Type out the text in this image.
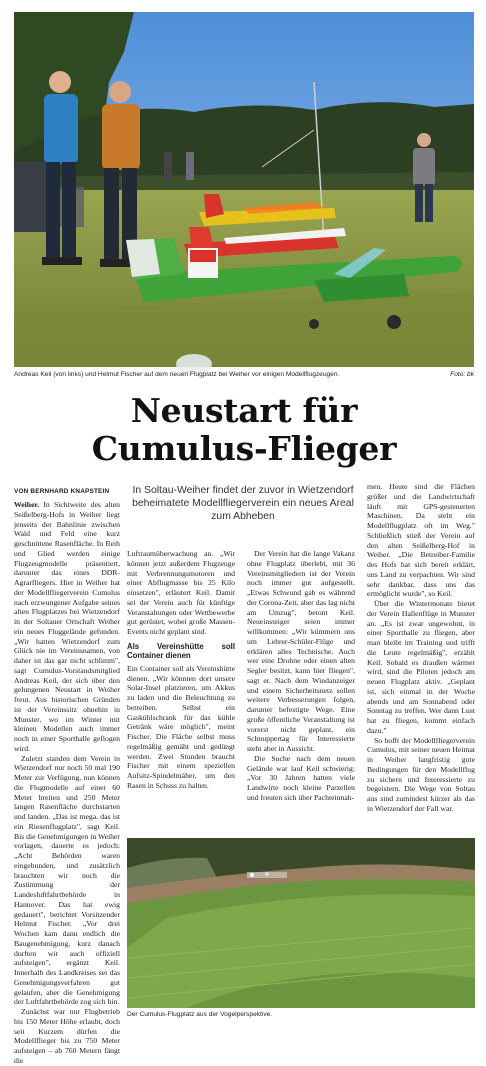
Andreas Keil (von links) und Helmut Fischer auf dem neuen Flugplatz bei Weiher vor einigen Modellflugzeugen.	Foto: bk
Neustart für
Cumulus-Flieger
VON BERNHARD KNAPSTEIN	In Soltau-Weiher findet der zuvor in Wietzendorf beheimatete Modellfliegerverein ein neues Areal zum Abheben

Weiher. In Sichtweite des alten Seißelberg-Hofs in Weiher liegt jenseits der Bahnlinie zwischen Wald und Feld eine kurz geschnittene Rasenfläche. In Reih und Glied werden einige Flugzeugmodelle präsentiert, darunter das eines DDR-Agrarfliegers. Hier in Weiher hat der Modellfliegerverein Cumulus nach erzwungener Aufgabe seines alten Flugplatzes bei Wietzendorf in der Soltauer Ortschaft Weiher ein neues Fluggelände gefunden. „Wir hatten Wietzendorf zum Glück nie im Vereinsnamen, von daher ist das gar nicht schlimm", sagt Cumulus-Vorstandsmitglied Andreas Keil, der sich über den gelungenen Neustart in Weiher freut. Aus historischen Gründen ist der Vereinssitz ohnehin in Munster, wo im Winter mit kleinen Modellen auch immer noch in einer Sporthalle geflogen wird.

Zuletzt standen dem Verein in Wietzendorf nur noch 50 mal 190 Meter zur Verfügung, nun können die Flugmodelle auf einer 60 Meter breiten und 250 Meter langen Rasenfläche durchstarten und landen. „Das ist mega, das ist ein Riesenflugplatz", sagt Keil. Bis die Genehmigungen in Weiher vorlagen, dauerte es jedoch: „Acht Behörden waren eingebunden, und zusätzlich brauchten wir noch die Zustimmung der Landesluftfahrtbehörde in Hannover. Das hat ewig gedauert", berichtet Vorsitzender Helmut Fischer. „Vor drei Wochen kam dann endlich die Baugenehmigung, kurz danach durften wir auch offiziell aufsteigen", ergänzt Keil. Innerhalb des Landkreises sei das Genehmigungsverfahren gut gelaufen, aber die Genehmigung der Luftfahrtbehörde zog sich hin.

Zunächst war nur Flugbetrieb bis 150 Meter Höhe erlaubt, doch seit Kurzem dürfen die Modellflieger bis zu 750 Meter aufsteigen – ab 760 Metern fängt die

Luftraumüberwachung an. „Wir können jetzt außerdem Flugzeuge mit Verbrennungsmotoren und einer Abflugmasse bis 25 Kilo einsetzen", erläutert Keil. Damit sei der Verein auch für künftige Veranstaltungen oder Wettbewerbe gut gerüstet, wobei große Massen-Events nicht geplant sind.

Als Vereinshütte soll Container dienen

Ein Container soll als Vereinshütte dienen. „Wir könnten dort unsere Solar-Insel platzieren, um Akkus zu laden und die Beleuchtung zu betreiben. Selbst ein Gaskühlschrank für das kühle Getränk wäre möglich", meint Fischer. Die Fläche selbst muss regelmäßig gemäht und gedüngt werden. Zwei Stunden braucht Fischer mit einem speziellen Aufsitz-Spindelmäher, um den Rasen in Schuss zu halten.

Der Verein hat die lange Vakanz ohne Flugplatz überlebt, mit 36 Vereinsmitgliedern ist der Verein noch immer gut aufgestellt. „Etwas Schwund gab es während der Corona-Zeit, aber das lag nicht am Umzug", betont Keil. Neueinsteiger seien immer willkommen: „Wir kümmern uns um Lehrer-Schüler-Flüge und erklären alles Technische. Auch wer eine Drohne oder einen alten Segler besitzt, kann hier fliegen", sagt er. Nach dem Windanzeiger und einem Sicherheitsnetz sollen weitere Verbesserungen folgen, darunter befestigte Wege. Eine große öffentliche Veranstaltung ist vorerst nicht geplant, ein Schnuppertag für Interessierte steht aber in Aussicht.

Die Suche nach dem neuen Gelände war lauf Keil schwierig: „Vor 30 Jahren hatten viele Landwirte noch kleine Parzellen und freuten sich über Pachteinnah-

men. Heute sind die Flächen größer und die Landwirtschaft läuft mit GPS-gesteuerten Maschinen. Da steht ein Modellflugplatz oft im Weg." Schließlich stieß der Verein auf den alten Seißelberg-Hof in Weiher. „Die Betreiber-Familie des Hofs hat sich bereit erklärt, uns Land zu verpachten. Wir sind sehr dankbar, dass uns das ermöglicht wurde", so Keil.

Über die Wintermonate bietet der Verein Hallenflüge in Munster an. „Es ist zwar ungewohnt, in einer Sporthalle zu fliegen, aber man bleibt im Training und trifft die Leute regelmäßig", erzählt Keil. Sobald es draußen wärmer wird, sind die Piloten jedoch am neuen Flugplatz aktiv. „Geplant ist, sich einmal in der Woche abends und am Sonnabend oder Sonntag zu treffen. Wer dann Lust hat zu fliegen, kommt einfach dazu."

So hofft der Modellfliegerverein Cumulus, mit seiner neuen Heimat in Weiher langfristig gute Bedingungen für den Modellflug zu sichern und Interessierte zu begeistern. Die Wege von Soltau aus sind zumindest kürzer als das in Wietzendorf der Fall war.

Der Cumulus-Flugplatz aus der Vogelperspektive.
